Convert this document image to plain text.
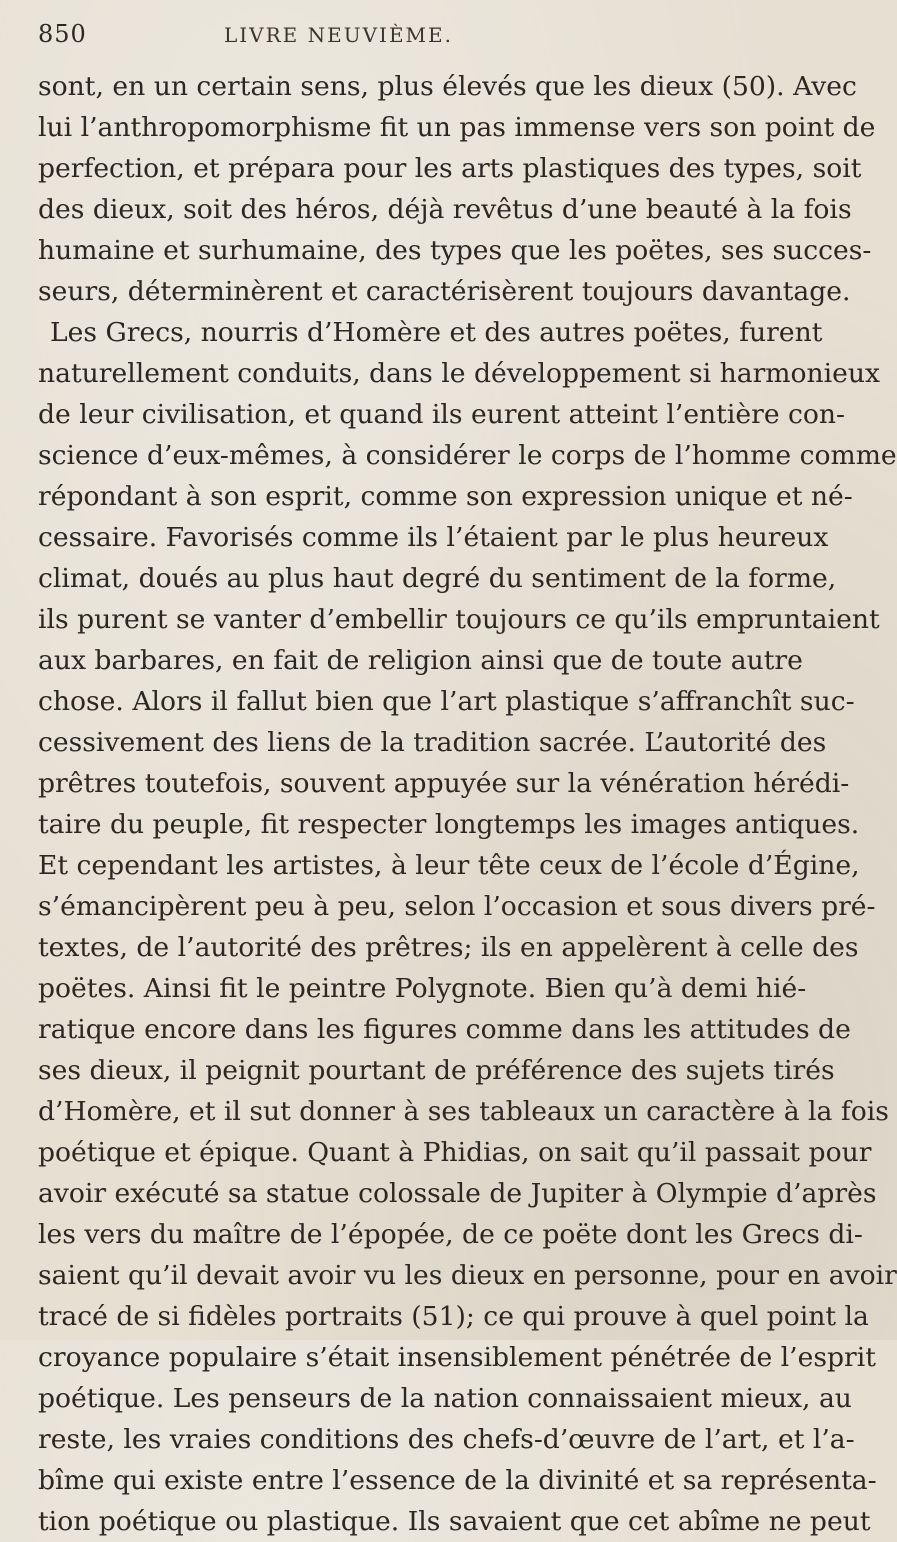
850	LIVRE NEUVIÈME.
sont, en un certain sens, plus élevés que les dieux (50). Avec
lui l’anthropomorphisme fit un pas immense vers son point de
perfection, et prépara pour les arts plastiques des types, soit
des dieux, soit des héros, déjà revêtus d’une beauté à la fois
humaine et surhumaine, des types que les poëtes, ses succes-
seurs, déterminèrent et caractérisèrent toujours davantage.
Les Grecs, nourris d’Homère et des autres poëtes, furent
naturellement conduits, dans le développement si harmonieux
de leur civilisation, et quand ils eurent atteint l’entière con-
science d’eux-mêmes, à considérer le corps de l’homme comme
répondant à son esprit, comme son expression unique et né-
cessaire. Favorisés comme ils l’étaient par le plus heureux
climat, doués au plus haut degré du sentiment de la forme,
ils purent se vanter d’embellir toujours ce qu’ils empruntaient
aux barbares, en fait de religion ainsi que de toute autre
chose. Alors il fallut bien que l’art plastique s’affranchît suc-
cessivement des liens de la tradition sacrée. L’autorité des
prêtres toutefois, souvent appuyée sur la vénération hérédi-
taire du peuple, fit respecter longtemps les images antiques.
Et cependant les artistes, à leur tête ceux de l’école d’Égine,
s’émancipèrent peu à peu, selon l’occasion et sous divers pré-
textes, de l’autorité des prêtres; ils en appelèrent à celle des
poëtes. Ainsi fit le peintre Polygnote. Bien qu’à demi hié-
ratique encore dans les figures comme dans les attitudes de
ses dieux, il peignit pourtant de préférence des sujets tirés
d’Homère, et il sut donner à ses tableaux un caractère à la fois
poétique et épique. Quant à Phidias, on sait qu’il passait pour
avoir exécuté sa statue colossale de Jupiter à Olympie d’après
les vers du maître de l’épopée, de ce poëte dont les Grecs di-
saient qu’il devait avoir vu les dieux en personne, pour en avoir
tracé de si fidèles portraits (51); ce qui prouve à quel point la
croyance populaire s’était insensiblement pénétrée de l’esprit
poétique. Les penseurs de la nation connaissaient mieux, au
reste, les vraies conditions des chefs-d’œuvre de l’art, et l’a-
bîme qui existe entre l’essence de la divinité et sa représenta-
tion poétique ou plastique. Ils savaient que cet abîme ne peut
